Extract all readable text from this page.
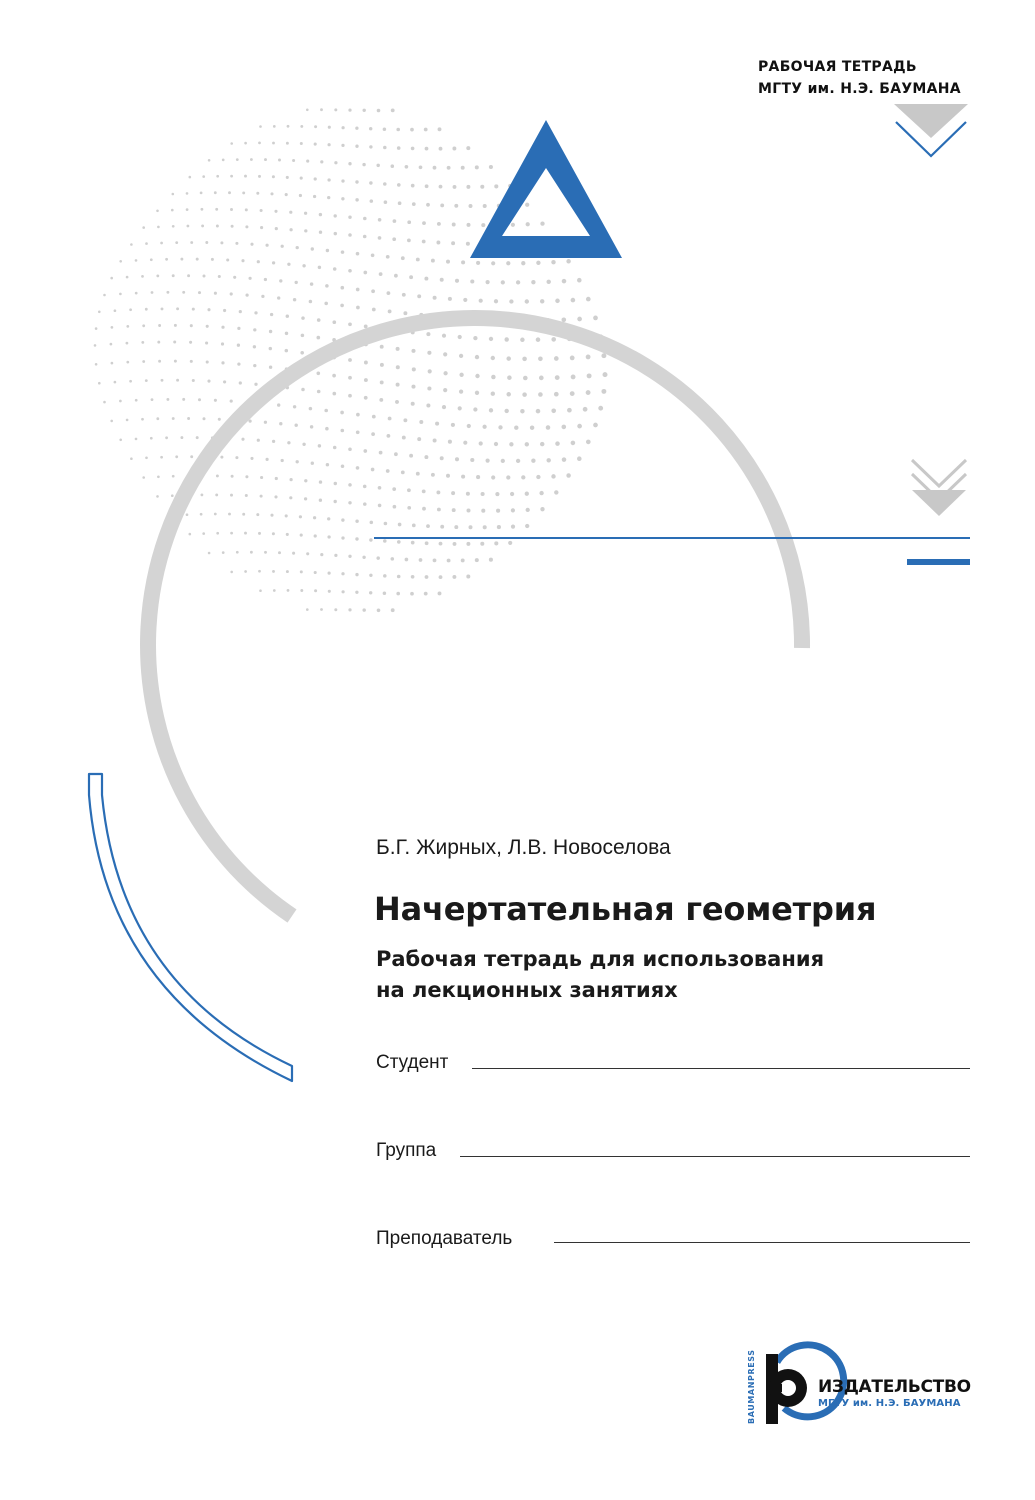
РАБОЧАЯ ТЕТРАДЬ
МГТУ им. Н.Э. БАУМАНА
Б.Г. Жирных, Л.В. Новоселова
Начертательная геометрия
Рабочая тетрадь для использования
на лекционных занятиях
Студент
Группа
Преподаватель
BAUMANPRESS	ИЗДАТЕЛЬСТВО
МГТУ им. Н.Э. БАУМАНА
